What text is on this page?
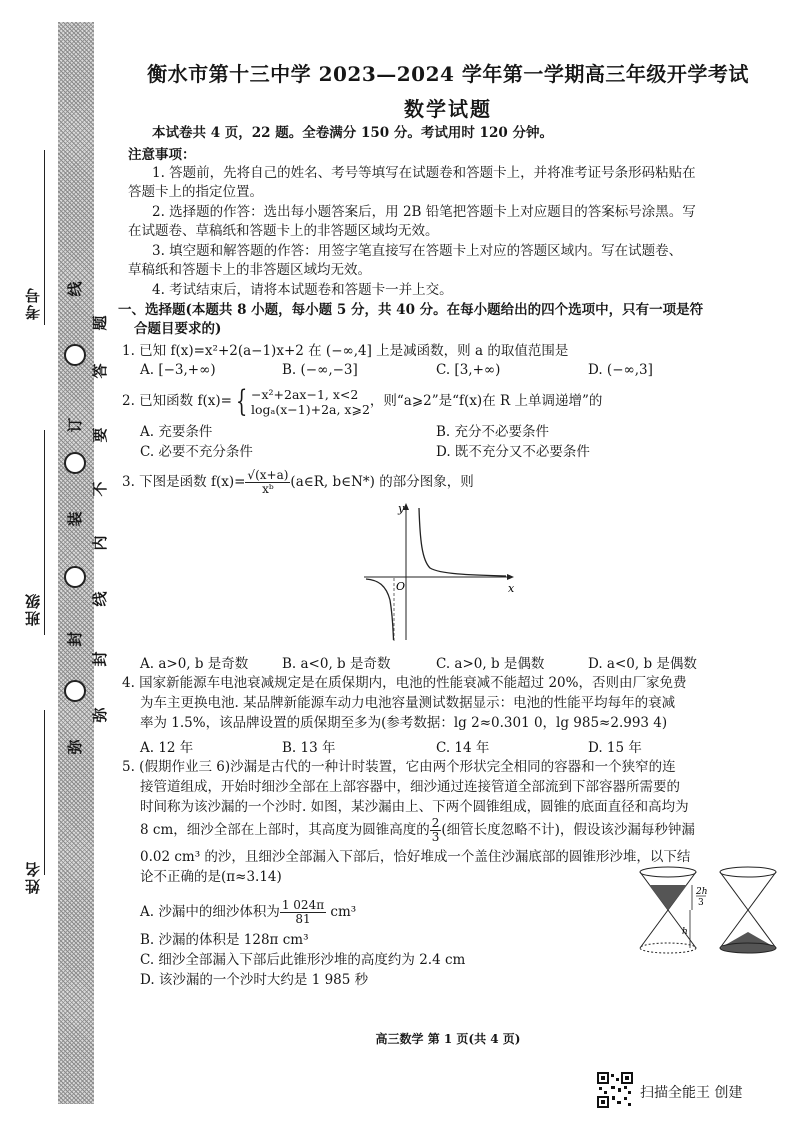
考号
班级
姓名
线
订
装
封
弥
题
答
要
不
内
线
封
弥
衡水市第十三中学 2023—2024 学年第一学期高三年级开学考试
数学试题
本试卷共 4 页，22 题。全卷满分 150 分。考试用时 120 分钟。
注意事项：
1. 答题前，先将自己的姓名、考号等填写在试题卷和答题卡上，并将准考证号条形码粘贴在
答题卡上的指定位置。
2. 选择题的作答：选出每小题答案后，用 2B 铅笔把答题卡上对应题目的答案标号涂黑。写
在试题卷、草稿纸和答题卡上的非答题区域均无效。
3. 填空题和解答题的作答：用签字笔直接写在答题卡上对应的答题区域内。写在试题卷、
草稿纸和答题卡上的非答题区域均无效。
4. 考试结束后，请将本试题卷和答题卡一并上交。
一、选择题(本题共 8 小题，每小题 5 分，共 40 分。在每小题给出的四个选项中，只有一项是符
合题目要求的)
1. 已知 f(x)=x²+2(a−1)x+2 在 (−∞,4] 上是减函数，则 a 的取值范围是
A. [−3,+∞)	B. (−∞,−3]	C. [3,+∞)	D. (−∞,3]
2. 已知函数 f(x)= { −x²+2ax−1, x<2
logₐ(x−1)+2a, x⩾2 ，则“a⩾2”是“f(x)在 R 上单调递增”的
A. 充要条件	B. 充分不必要条件
C. 必要不充分条件	D. 既不充分又不必要条件
3. 下图是函数 $f(x)= \frac{√(x+a)}{\text{xᵇ}}$ (a∈R, b∈N*) 的部分图象，则
y
x
O
A. a>0, b 是奇数 B. a<0, b 是奇数	C. a>0, b 是偶数	D. a<0, b 是偶数
4. 国家新能源车电池衰减规定是在质保期内，电池的性能衰减不能超过 20%，否则由厂家免费
为车主更换电池. 某品牌新能源车动力电池容量测试数据显示：电池的性能平均每年的衰减
率为 1.5%，该品牌设置的质保期至多为(参考数据：lg 2≈0.301 0，lg 985≈2.993 4)
A. 12 年	B. 13 年	C. 14 年	D. 15 年
5. (假期作业三 6)沙漏是古代的一种计时装置，它由两个形状完全相同的容器和一个狭窄的连
接管道组成，开始时细沙全部在上部容器中，细沙通过连接管道全部流到下部容器所需要的
时间称为该沙漏的一个沙时. 如图，某沙漏由上、下两个圆锥组成，圆锥的底面直径和高均为
8 cm，细沙全部在上部时，其高度为圆锥高度的 $\frac{2}{3}$ (细管长度忽略不计)，假设该沙漏每秒钟漏
0.02 cm³ 的沙，且细沙全部漏入下部后，恰好堆成一个盖住沙漏底部的圆锥形沙堆，以下结
论不正确的是(π≈3.14)
A. 沙漏中的细沙体积为 $\frac{1 024\pi}{81} cm^3$
B. 沙漏的体积是 128π cm³
C. 细沙全部漏入下部后此锥形沙堆的高度约为 2.4 cm
D. 该沙漏的一个沙时大约是 1 985 秒
2h
3
h
高三数学 第 1 页(共 4 页)
扫描全能王 创建
